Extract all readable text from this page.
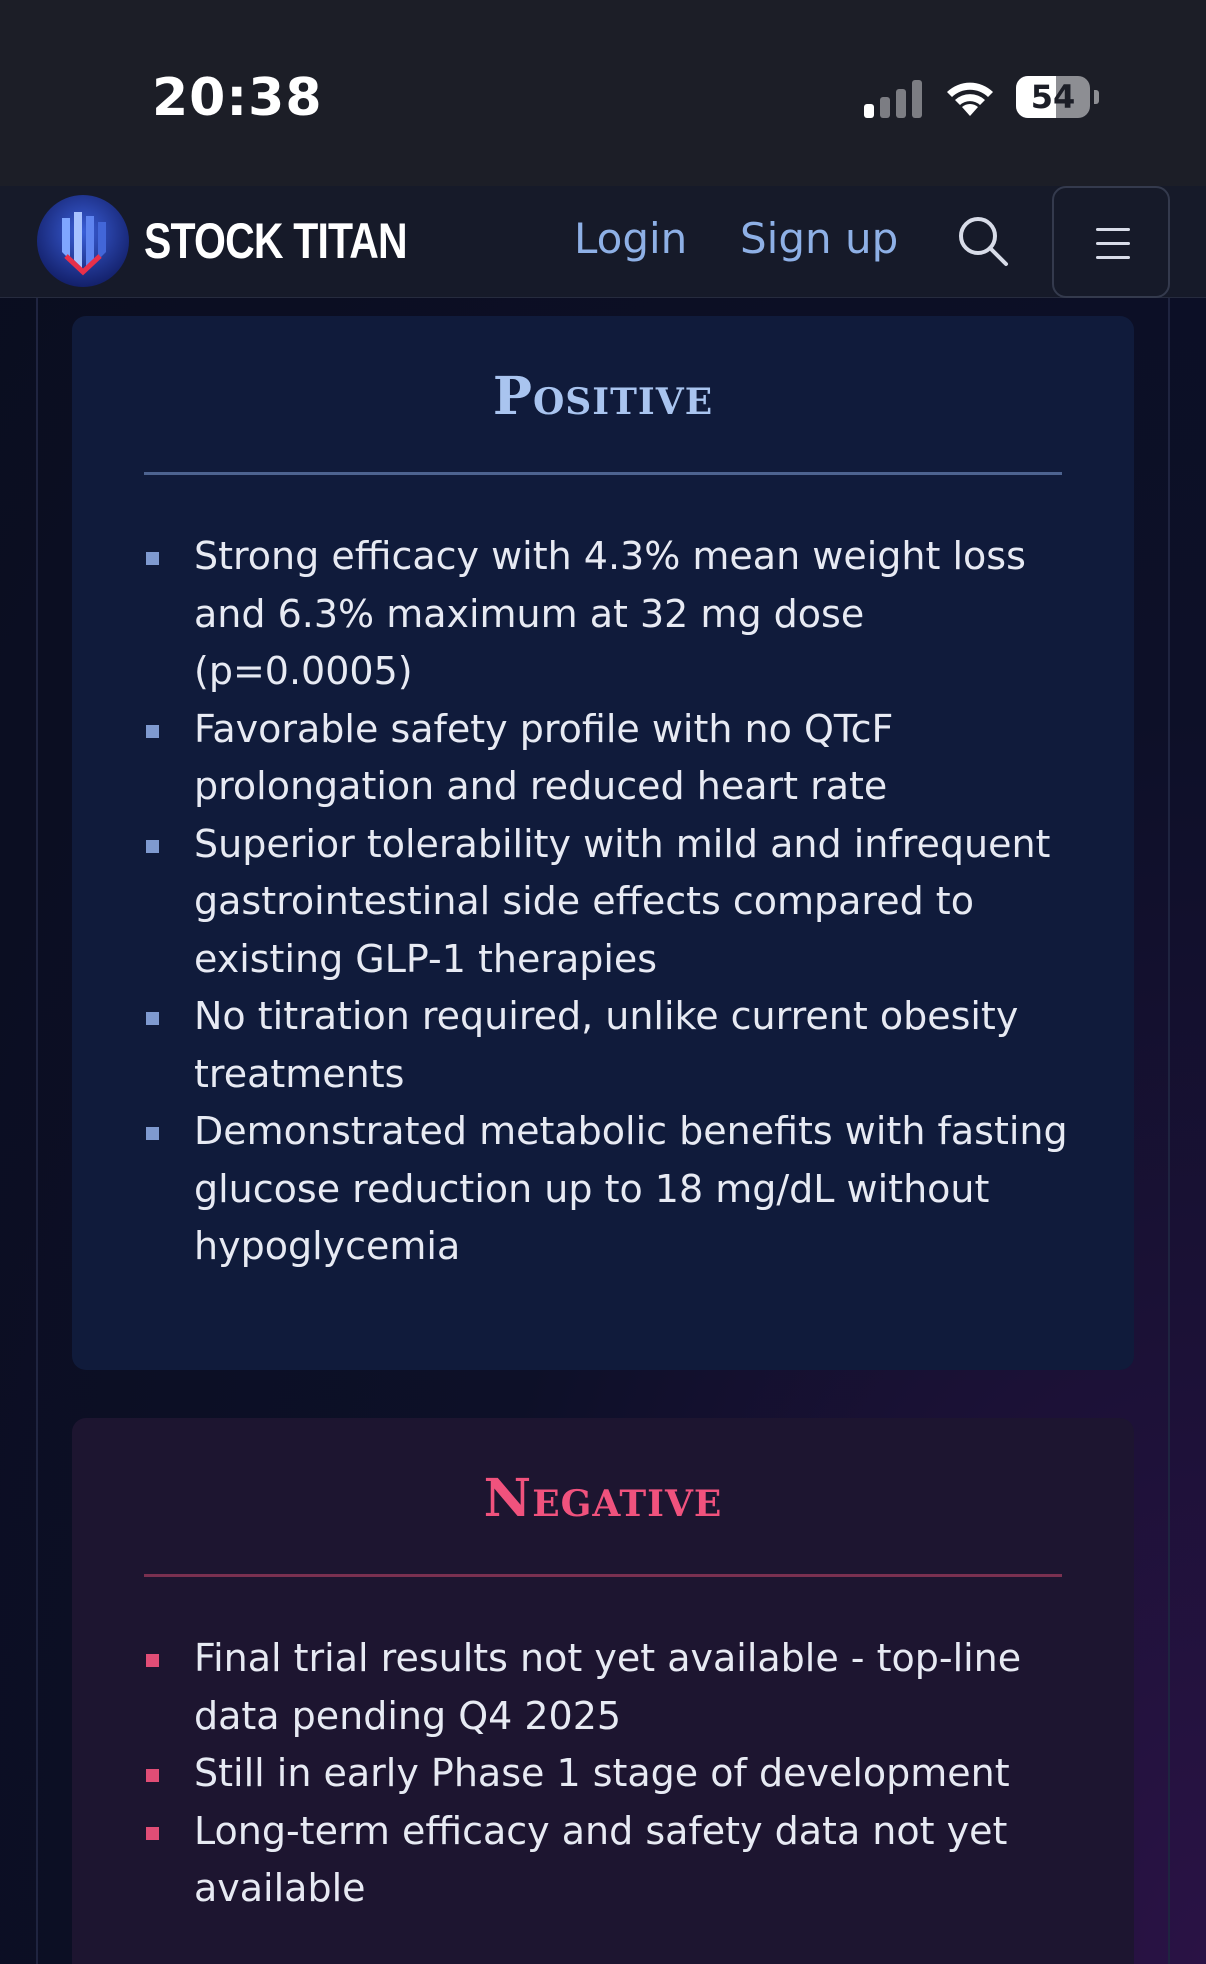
20:38	54
STOCK TITAN	Login Sign up
Positive
Strong efficacy with 4.3% mean weight loss and 6.3% maximum at 32 mg dose (p=0.0005)
Favorable safety profile with no QTcF prolongation and reduced heart rate
Superior tolerability with mild and infrequent gastrointestinal side effects compared to existing GLP-1 therapies
No titration required, unlike current obesity treatments
Demonstrated metabolic benefits with fasting glucose reduction up to 18 mg/dL without hypoglycemia
Negative
Final trial results not yet available - top-line data pending Q4 2025
Still in early Phase 1 stage of development
Long-term efficacy and safety data not yet available
